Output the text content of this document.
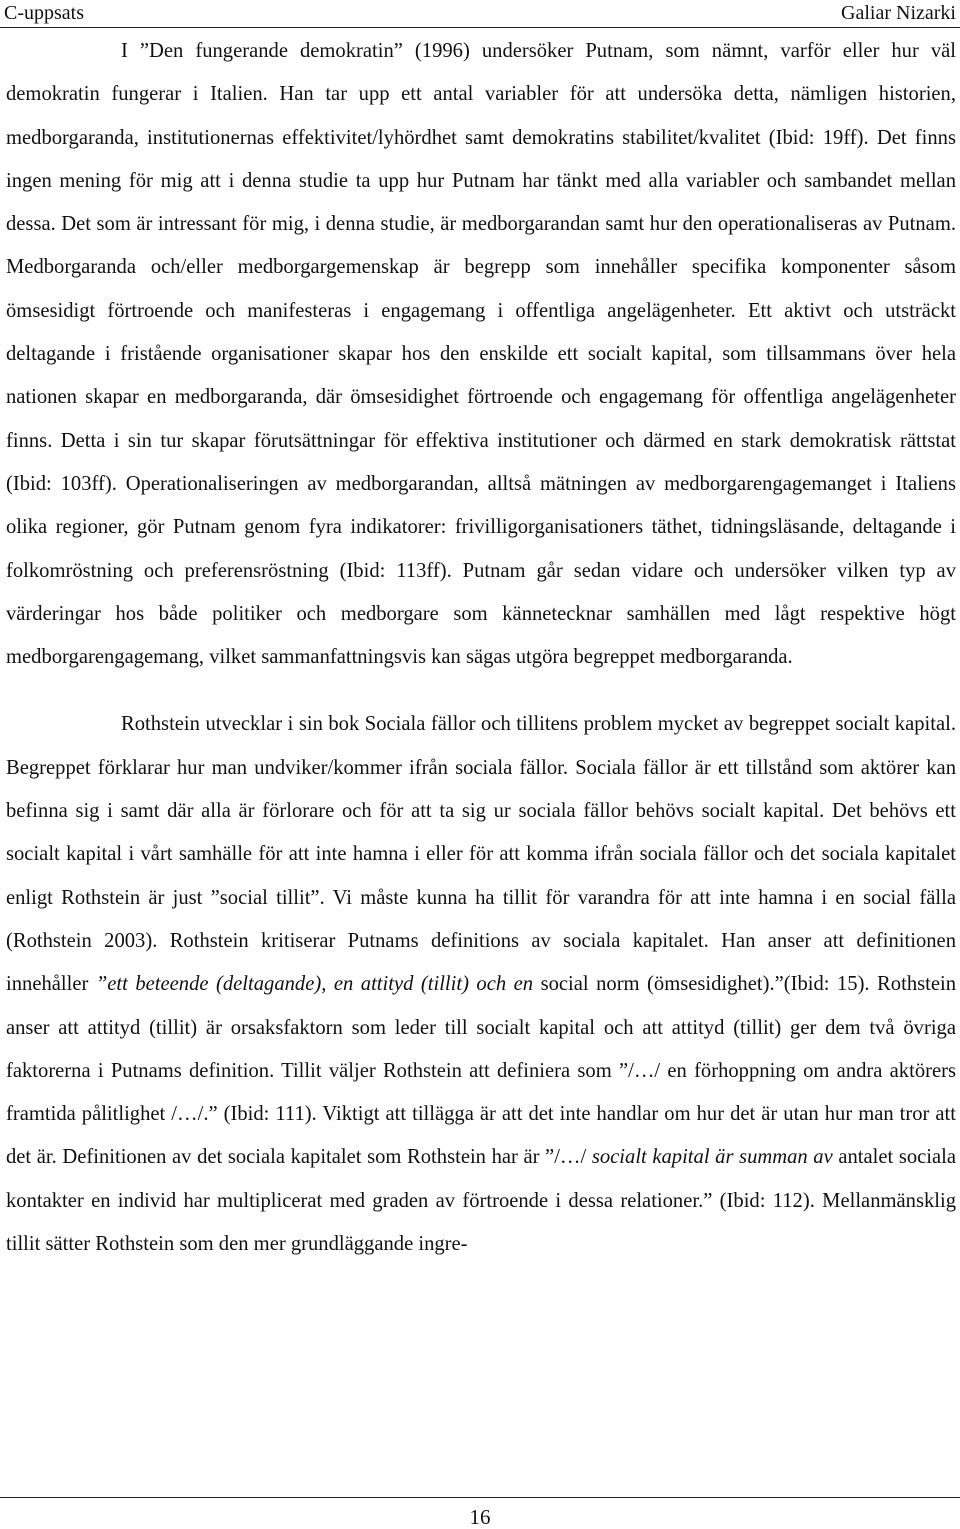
C-uppsats	Galiar Nizarki

I ”Den fungerande demokratin” (1996) undersöker Putnam, som nämnt, varför eller hur väl demokratin fungerar i Italien. Han tar upp ett antal variabler för att undersöka detta, nämligen historien, medborgaranda, institutionernas effektivitet/lyhördhet samt demokratins stabilitet/kvalitet (Ibid: 19ff). Det finns ingen mening för mig att i denna studie ta upp hur Putnam har tänkt med alla variabler och sambandet mellan dessa. Det som är intressant för mig, i denna studie, är medborgarandan samt hur den operationaliseras av Putnam. Medborgaranda och/eller medborgargemenskap är begrepp som innehåller specifika komponenter såsom ömsesidigt förtroende och manifesteras i engagemang i offentliga angelägenheter. Ett aktivt och utsträckt deltagande i fristående organisationer skapar hos den enskilde ett socialt kapital, som tillsammans över hela nationen skapar en medborgaranda, där ömsesidighet förtroende och engagemang för offentliga angelägenheter finns. Detta i sin tur skapar förutsättningar för effektiva institutioner och därmed en stark demokratisk rättstat (Ibid: 103ff). Operationaliseringen av medborgarandan, alltså mätningen av medborgarengagemanget i Italiens olika regioner, gör Putnam genom fyra indikatorer: frivilligorganisationers täthet, tidningsläsande, deltagande i folkomröstning och preferensröstning (Ibid: 113ff). Putnam går sedan vidare och undersöker vilken typ av värderingar hos både politiker och medborgare som kännetecknar samhällen med lågt respektive högt medborgarengagemang, vilket sammanfattningsvis kan sägas utgöra begreppet medborgaranda.

Rothstein utvecklar i sin bok Sociala fällor och tillitens problem mycket av begreppet socialt kapital. Begreppet förklarar hur man undviker/kommer ifrån sociala fällor. Sociala fällor är ett tillstånd som aktörer kan befinna sig i samt där alla är förlorare och för att ta sig ur sociala fällor behövs socialt kapital. Det behövs ett socialt kapital i vårt samhälle för att inte hamna i eller för att komma ifrån sociala fällor och det sociala kapitalet enligt Rothstein är just ”social tillit”. Vi måste kunna ha tillit för varandra för att inte hamna i en social fälla (Rothstein 2003). Rothstein kritiserar Putnams definitions av sociala kapitalet. Han anser att definitionen innehåller ”ett beteende (deltagande), en attityd (tillit) och en social norm (ömsesidighet).”(Ibid: 15). Rothstein anser att attityd (tillit) är orsaksfaktorn som leder till socialt kapital och att attityd (tillit) ger dem två övriga faktorerna i Putnams definition. Tillit väljer Rothstein att definiera som ”/…/ en förhoppning om andra aktörers framtida pålitlighet /…/.” (Ibid: 111). Viktigt att tillägga är att det inte handlar om hur det är utan hur man tror att det är. Definitionen av det sociala kapitalet som Rothstein har är ”/…/ socialt kapital är summan av antalet sociala kontakter en individ har multiplicerat med graden av förtroende i dessa relationer.” (Ibid: 112). Mellanmänsklig tillit sätter Rothstein som den mer grundläggande ingre-

16
